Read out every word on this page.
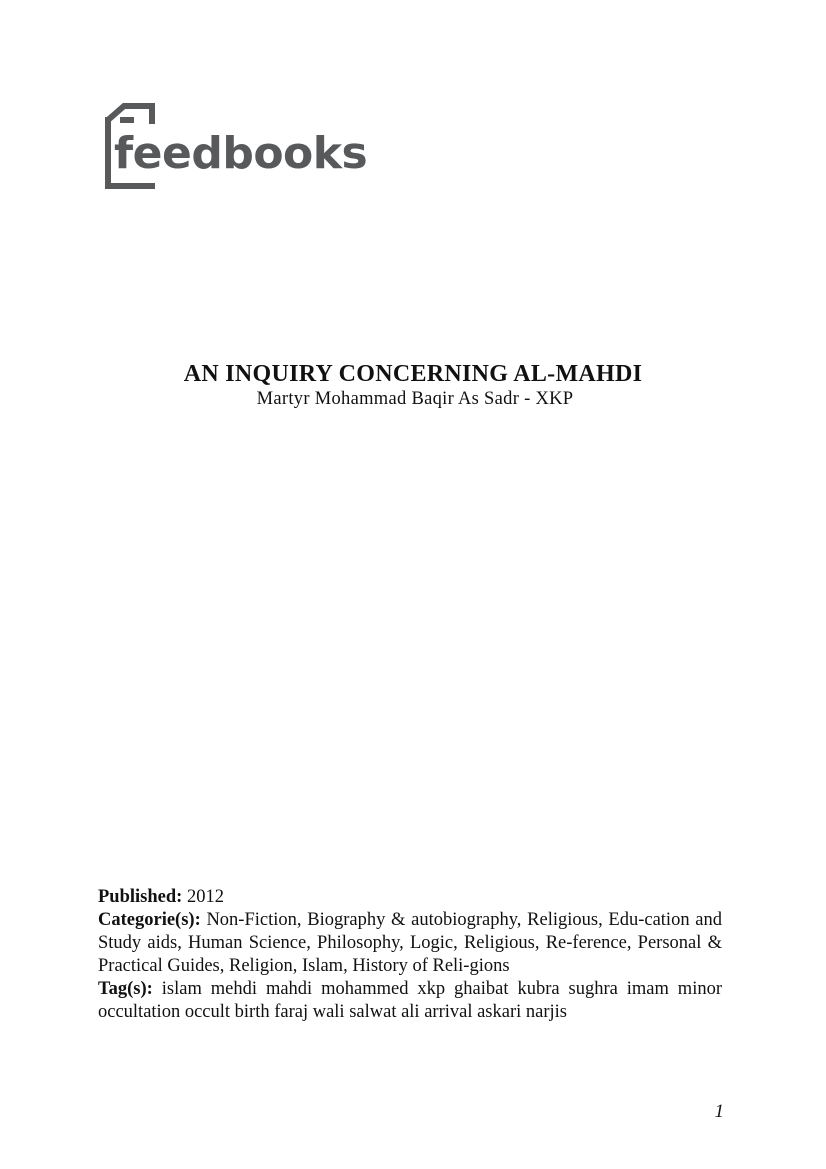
feedbooks
AN INQUIRY CONCERNING AL-MAHDI
Martyr Mohammad Baqir As Sadr - XKP

Published: 2012

Categorie(s): Non-Fiction, Biography & autobiography, Religious, Edu-cation and Study aids, Human Science, Philosophy, Logic, Religious, Re-ference, Personal & Practical Guides, Religion, Islam, History of Reli-gions

Tag(s): islam mehdi mahdi mohammed xkp ghaibat kubra sughra imam minor occultation occult birth faraj wali salwat ali arrival askari narjis

1
